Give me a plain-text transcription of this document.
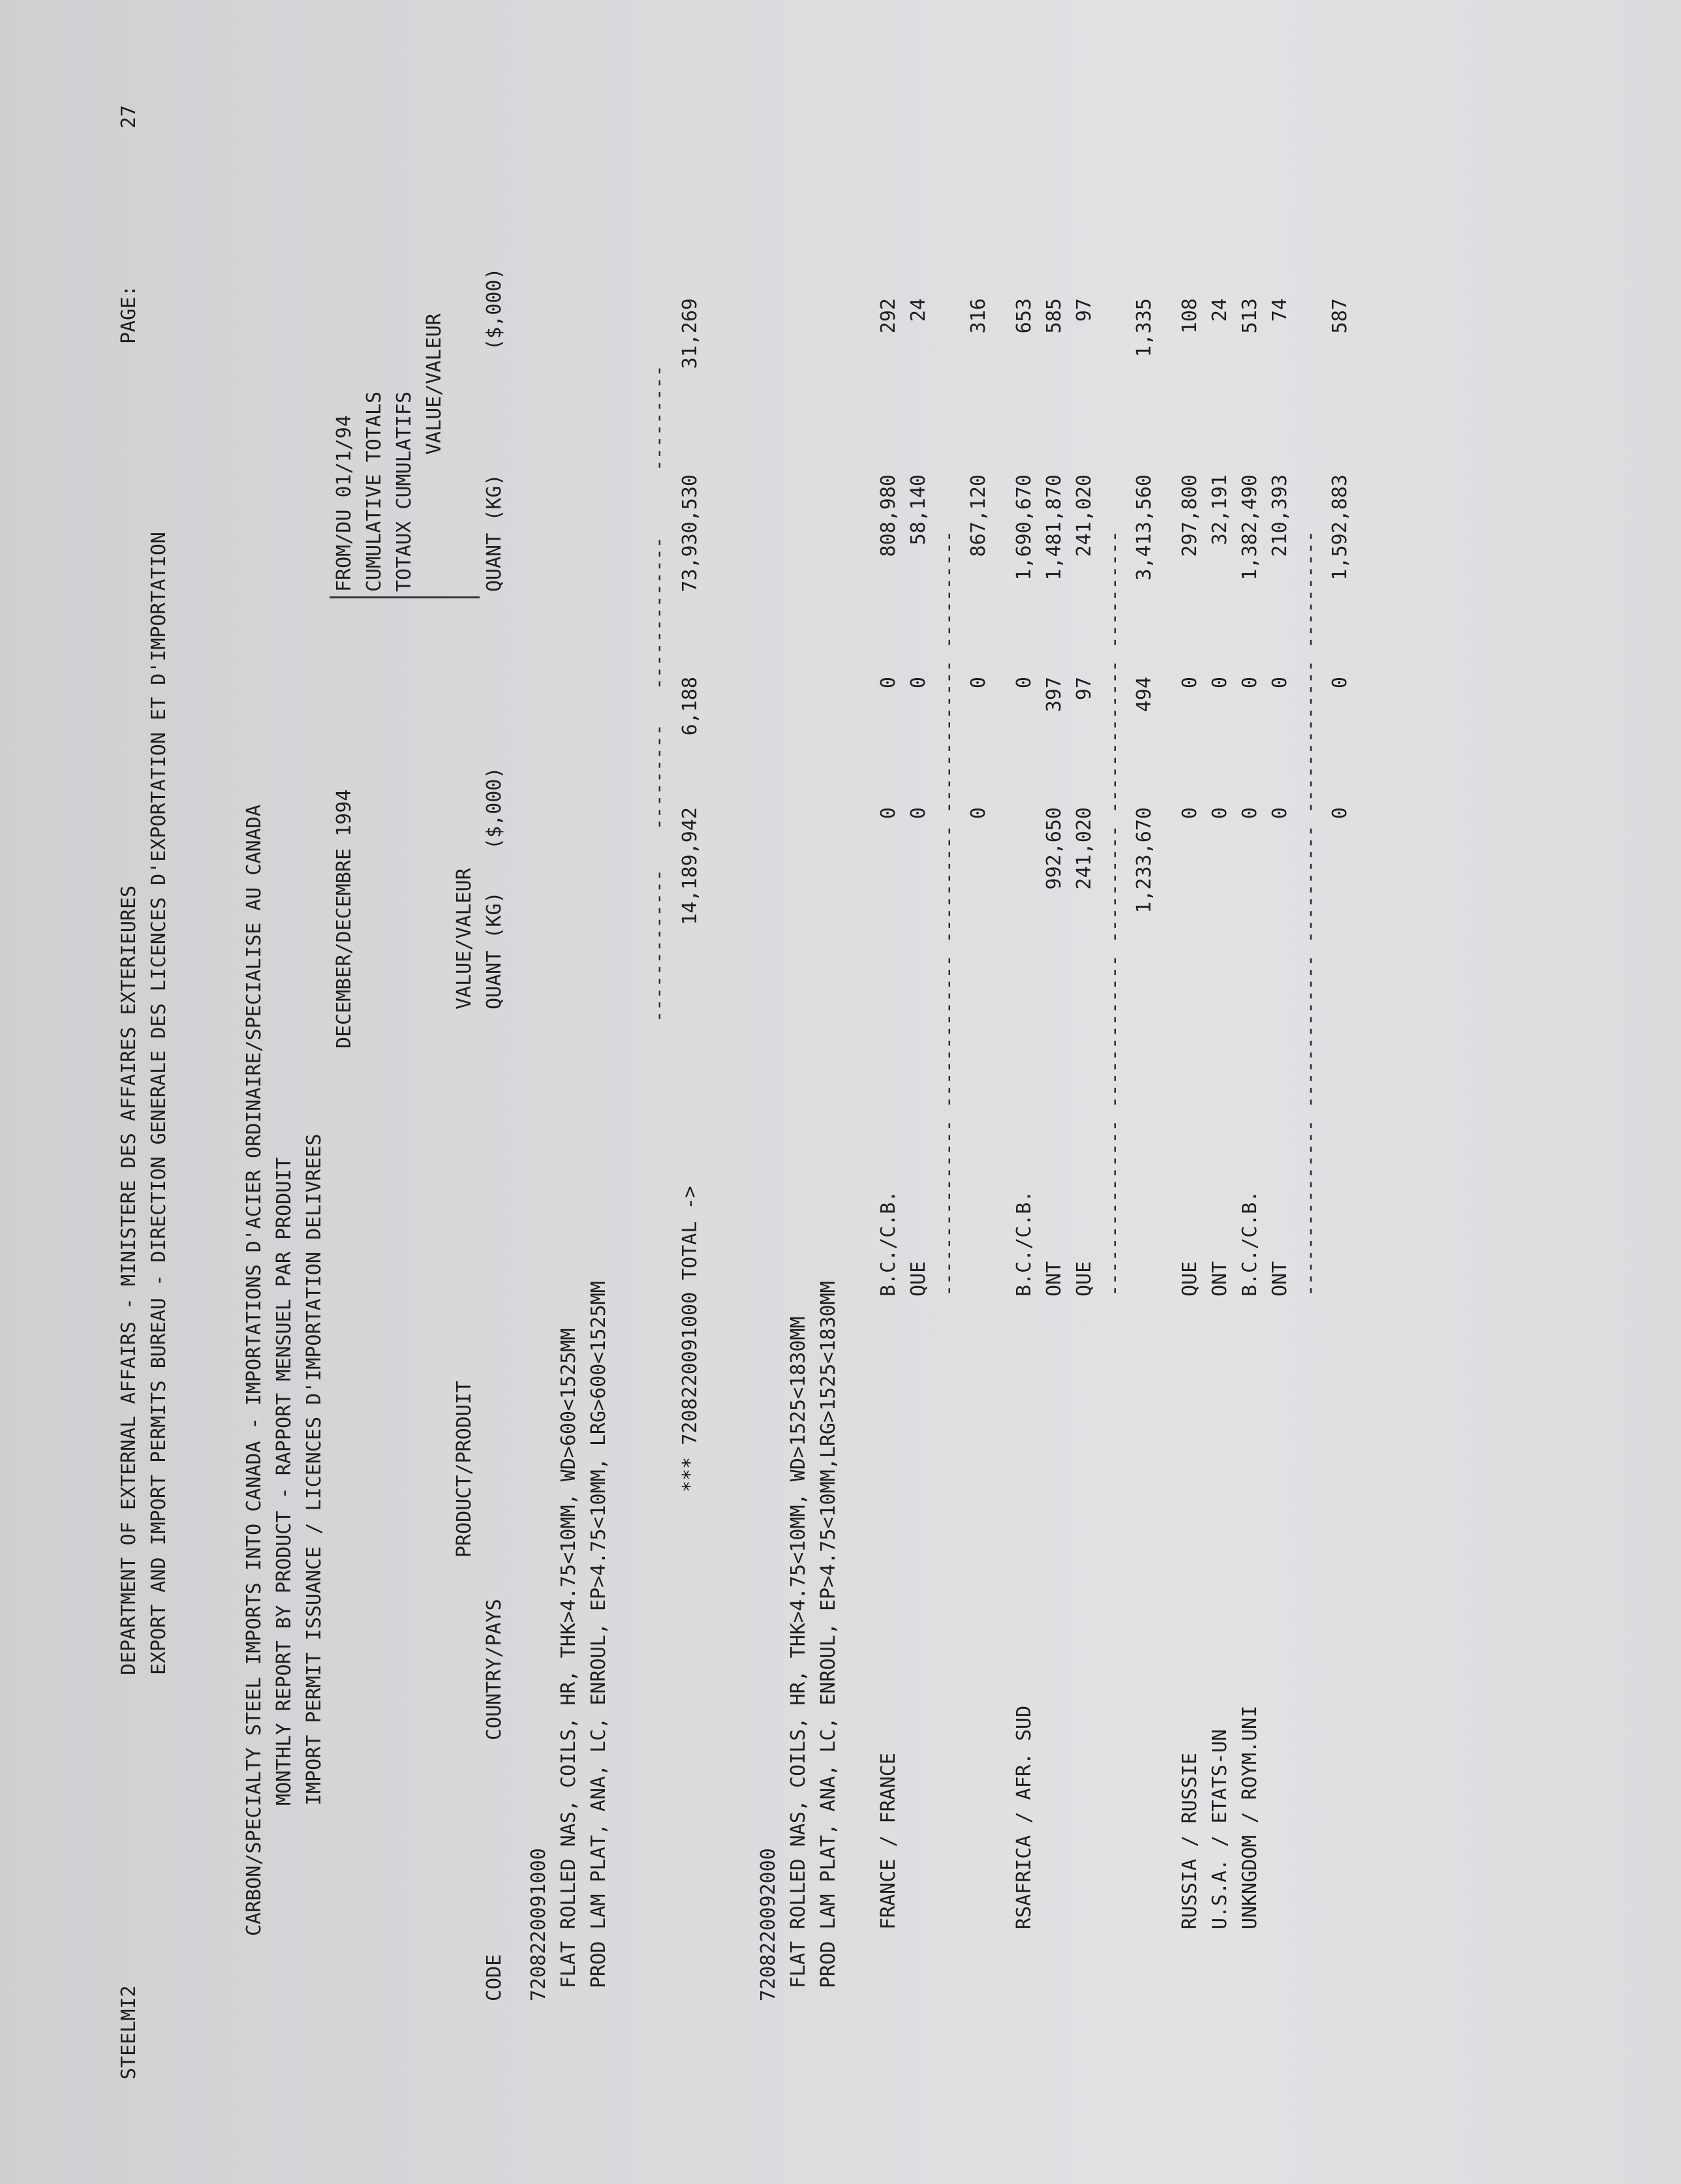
STEELMI2
DEPARTMENT OF EXTERNAL AFFAIRS - MINISTERE DES AFFAIRES EXTERIEURES
PAGE:
27
EXPORT AND IMPORT PERMITS BUREAU - DIRECTION GENERALE DES LICENCES D'EXPORTATION ET D'IMPORTATION	CARBON/SPECIALTY STEEL IMPORTS INTO CANADA - IMPORTATIONS D'ACIER ORDINAIRE/SPECIALISE AU CANADA MONTHLY REPORT BY PRODUCT - RAPPORT MENSUEL PAR PRODUIT IMPORT PERMIT ISSUANCE / LICENCES D'IMPORTATION DELIVREES
DECEMBER/DECEMBRE 1994
FROM/DU 01/1/94 CUMULATIVE TOTALS TOTAUX CUMULATIFS
VALUE/VALEUR
VALUE/VALEUR
PRODUCT/PRODUIT
CODE
COUNTRY/PAYS
QUANT (KG)
($,000)
QUANT (KG)
($,000)
7208220091000 FLAT ROLLED NAS, COILS, HR, THK>4.75<10MM, WD>600<1525MM PROD LAM PLAT, ANA, LC, ENROUL, EP>4.75<10MM, LRG>600<1525MM
-------------
---------
-------------
---------
*** 7208220091000 TOTAL ->
14,189,942
6,188
73,930,530
31,269
7208220092000 FLAT ROLLED NAS, COILS, HR, THK>4.75<10MM, WD>1525<1830MM PROD LAM PLAT, ANA, LC, ENROUL, EP>4.75<10MM,LRG>1525<1830MM FRANCE / FRANCE
B.C./C.B.
0
0
808,980
292
QUE
0
0
58,140
24
--------------- ------------- ---------- ------------- ---------- 0
0
867,120
316
RSAFRICA / AFR. SUD
B.C./C.B.
0
1,690,670
653
ONT
992,650
397
1,481,870
585
QUE
241,020
97
241,020
97
--------------- ------------- ---------- ------------- ---------- 1,233,670
494
3,413,560
1,335
RUSSIA / RUSSIE
QUE
0
0
297,800
108
U.S.A. / ETATS-UN
ONT
0
0
32,191
24
UNKNGDOM / ROYM.UNI
B.C./C.B.
0
0
1,382,490
513
ONT
0
0
210,393
74
--------------- ------------- ---------- ------------- ---------- 0
0
1,592,883
587
